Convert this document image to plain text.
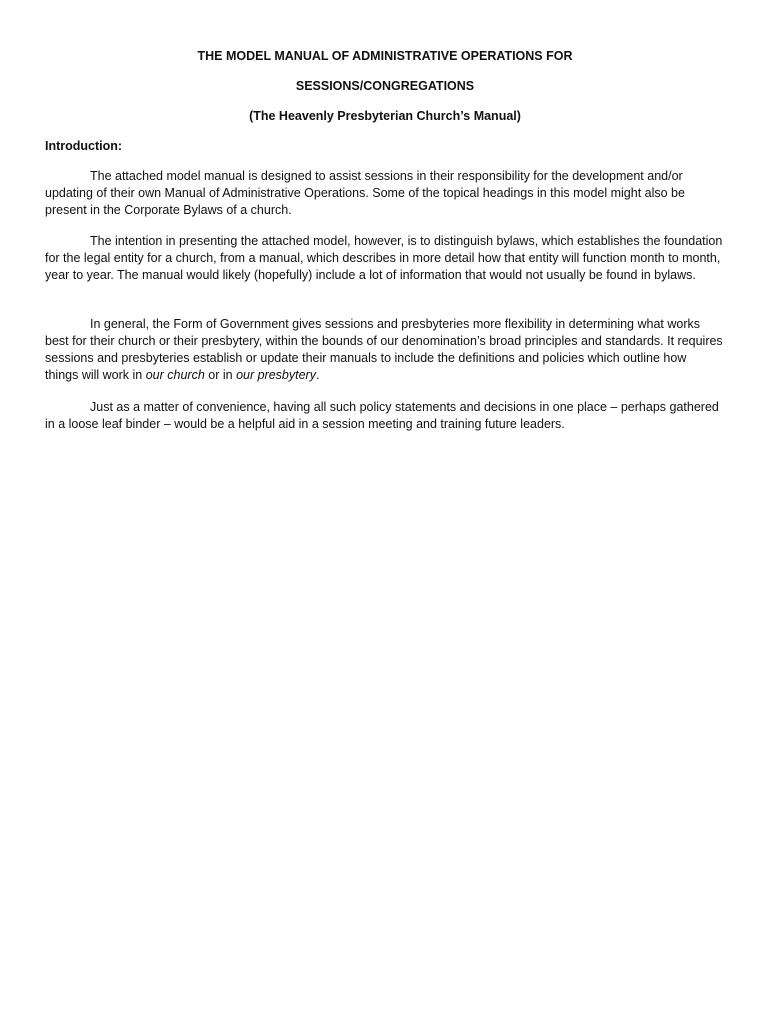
THE MODEL MANUAL OF ADMINISTRATIVE OPERATIONS FOR
SESSIONS/CONGREGATIONS
(The Heavenly Presbyterian Church’s Manual)
Introduction:

The attached model manual is designed to assist sessions in their responsibility for the development and/or updating of their own Manual of Administrative Operations. Some of the topical headings in this model might also be present in the Corporate Bylaws of a church.

The intention in presenting the attached model, however, is to distinguish bylaws, which establishes the foundation for the legal entity for a church, from a manual, which describes in more detail how that entity will function month to month, year to year. The manual would likely (hopefully) include a lot of information that would not usually be found in bylaws.

In general, the Form of Government gives sessions and presbyteries more flexibility in determining what works best for their church or their presbytery, within the bounds of our denomination’s broad principles and standards. It requires sessions and presbyteries establish or update their manuals to include the definitions and policies which outline how things will work in our church or in our presbytery.

Just as a matter of convenience, having all such policy statements and decisions in one place – perhaps gathered in a loose leaf binder – would be a helpful aid in a session meeting and training future leaders.
